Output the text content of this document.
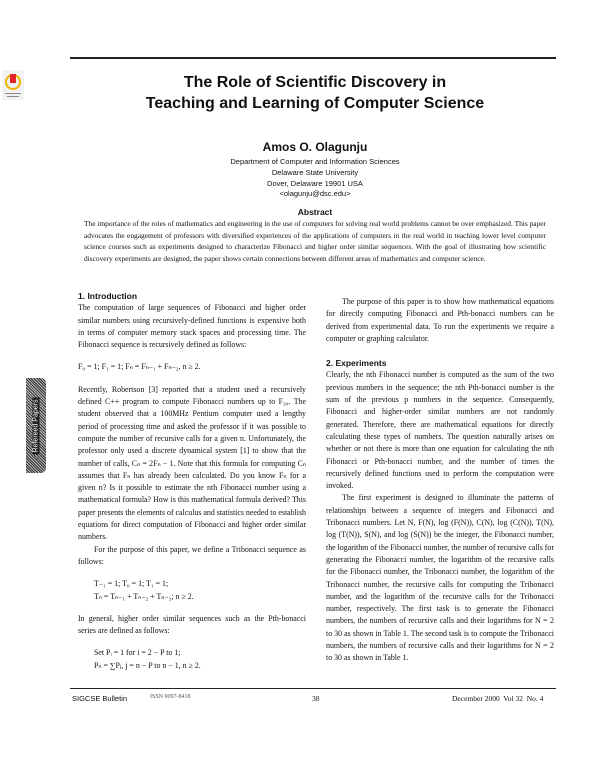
Refereed Papers
The Role of Scientific Discovery in
Teaching and Learning of Computer Science
Amos O. Olagunju
Department of Computer and Information Sciences
Delaware State University
Dover, Delaware 19901 USA
<olagunju@dsc.edu>
Abstract
The importance of the roles of mathematics and engineering in the use of computers for solving real world problems cannot be over emphasized. This paper advocates the engagement of professors with diversified experiences of the applications of computers in the real world in teaching lower level computer science courses such as experiments designed to characterize Fibonacci and higher order similar sequences. With the goal of illustrating how scientific discovery experiments are designed, the paper shows certain connections between different areas of mathematics and computer science.

1. Introduction

The computation of large sequences of Fibonacci and higher order similar numbers using recursively-defined functions is expensive both in terms of computer memory stack spaces and processing time. The Fibonacci sequence is recursively defined as follows:

F₀ = 1; F₁ = 1; Fₙ = Fₙ₋₁ + Fₙ₋₂, n ≥ 2.

Recently, Robertson [3] reported that a student used a recursively defined C++ program to compute Fibonacci numbers up to F₃₀. The student observed that a 100MHz Pentium computer used a lengthy period of processing time and asked the professor if it was possible to compute the number of recursive calls for a given n. Unfortunately, the professor only used a discrete dynamical system [1] to show that the number of calls, Cₙ = 2Fₙ − 1. Note that this formula for computing Cₙ assumes that Fₙ has already been calculated. Do you know Fₙ for a given n? Is it possible to estimate the nth Fibonacci number using a mathematical formula? How is this mathematical formula derived? This paper presents the elements of calculus and statistics needed to establish equations for direct computation of Fibonacci and higher order similar numbers.

For the purpose of this paper, we define a Tribonacci sequence as follows:

T₋₁ = 1; T₀ = 1; T₁ = 1;

Tₙ = Tₙ₋₁ + Tₙ₋₂ + Tₙ₋₃; n ≥ 2.

In general, higher order similar sequences such as the Pth-bonacci series are defined as follows:

Set Pᵢ = 1 for i = 2 − P to 1;

Pₙ = ∑Pⱼ, j = n − P to n − 1, n ≥ 2.

The purpose of this paper is to show how mathematical equations for directly computing Fibonacci and Pth-bonacci numbers can be derived from experimental data. To run the experiments we require a computer or graphing calculator.

2. Experiments

Clearly, the nth Fibonacci number is computed as the sum of the two previous numbers in the sequence; the nth Pth-bonacci number is the sum of the previous p numbers in the sequence. Consequently, Fibonacci and higher-order similar numbers are not randomly generated. Therefore, there are mathematical equations for directly calculating these types of numbers. The question naturally arises on whether or not there is more than one equation for calculating the nth Fibonacci or Pth-bonacci number, and the number of times the recursively defined functions used to perform the computation were invoked.

The first experiment is designed to illuminate the patterns of relationships between a sequence of integers and Fibonacci and Tribonacci numbers. Let N, F(N), log (F(N)), C(N), log (C(N)), T(N), log (T(N)), S(N), and log (S(N)) be the integer, the Fibonacci number, the logarithm of the Fibonacci number, the number of recursive calls for generating the Fibonacci number, the logarithm of the recursive calls for the Fibonacci number, the Tribonacci number, the logarithm of the Tribonacci number, the recursive calls for computing the Tribonacci number, and the logarithm of the recursive calls for the Tribonacci number, respectively. The first task is to generate the Fibonacci numbers, the numbers of recursive calls and their logarithms for N = 2 to 30 as shown in Table 1. The second task is to compute the Tribonacci numbers, the numbers of recursive calls and their logarithms for N = 2 to 30 as shown in Table 1.

SIGCSE Bulletin	ISSN 0097-8418	38	December 2000  Vol 32  No. 4
